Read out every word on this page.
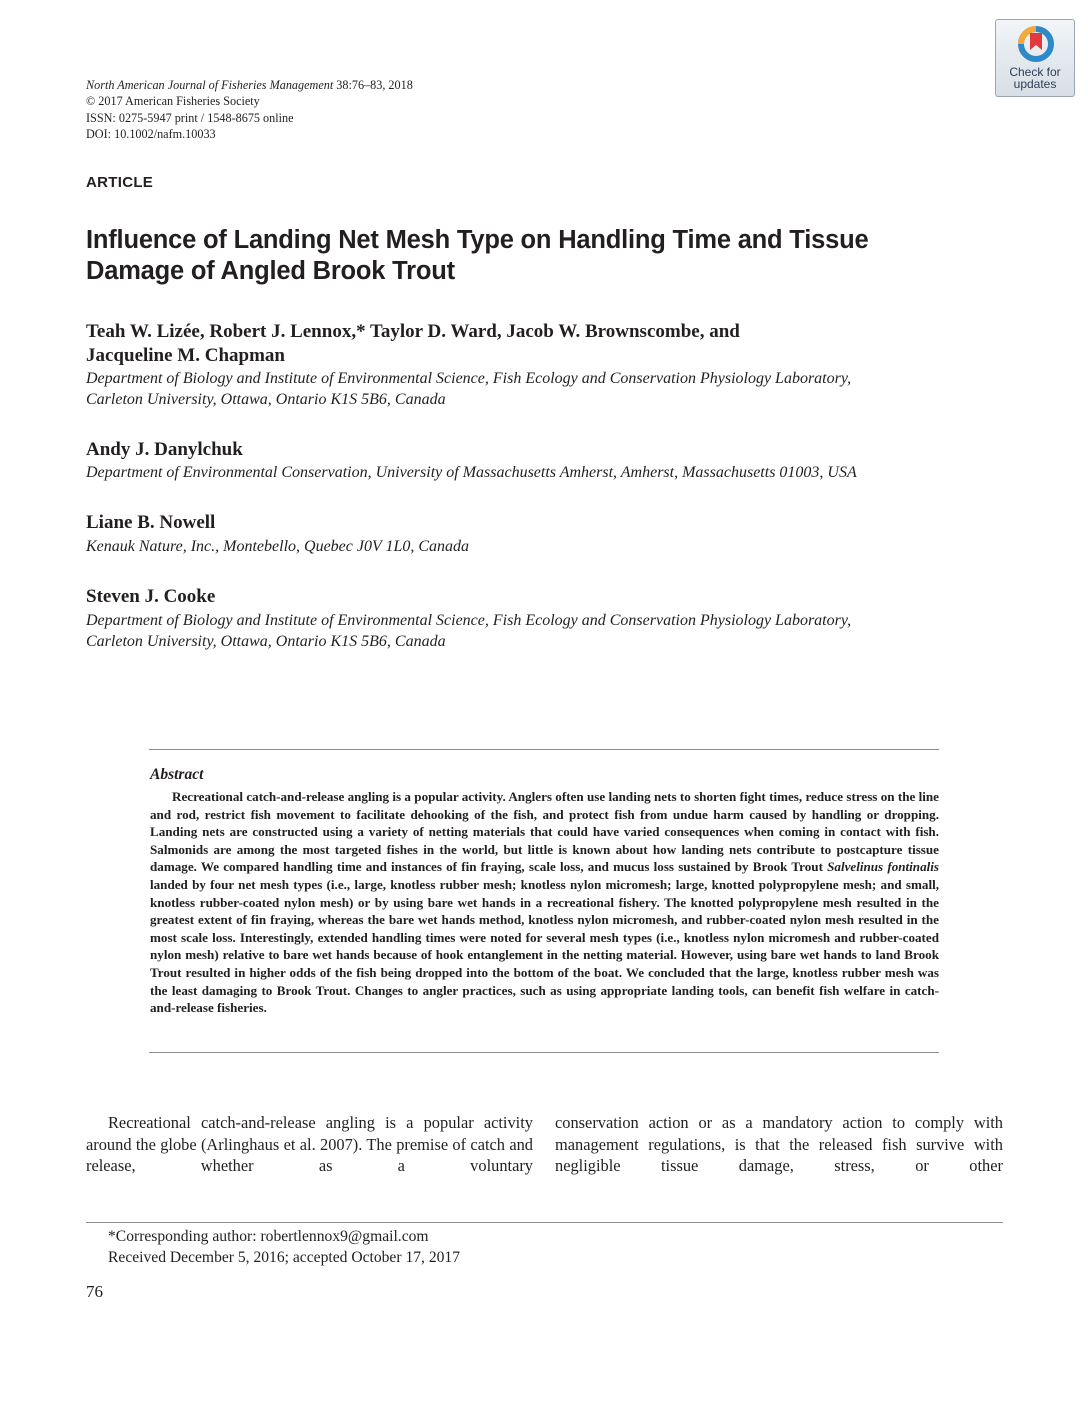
Check for
updates
North American Journal of Fisheries Management 38:76–83, 2018
© 2017 American Fisheries Society
ISSN: 0275-5947 print / 1548-8675 online
DOI: 10.1002/nafm.10033
ARTICLE
Influence of Landing Net Mesh Type on Handling Time and Tissue
Damage of Angled Brook Trout
Teah W. Lizée, Robert J. Lennox,* Taylor D. Ward, Jacob W. Brownscombe, and
Jacqueline M. Chapman
Department of Biology and Institute of Environmental Science, Fish Ecology and Conservation Physiology Laboratory,
Carleton University, Ottawa, Ontario K1S 5B6, Canada
Andy J. Danylchuk
Department of Environmental Conservation, University of Massachusetts Amherst, Amherst, Massachusetts 01003, USA
Liane B. Nowell
Kenauk Nature, Inc., Montebello, Quebec J0V 1L0, Canada
Steven J. Cooke
Department of Biology and Institute of Environmental Science, Fish Ecology and Conservation Physiology Laboratory,
Carleton University, Ottawa, Ontario K1S 5B6, Canada
Abstract
Recreational catch-and-release angling is a popular activity. Anglers often use landing nets to shorten fight times, reduce stress on the line and rod, restrict fish movement to facilitate dehooking of the fish, and protect fish from undue harm caused by handling or dropping. Landing nets are constructed using a variety of netting materials that could have varied consequences when coming in contact with fish. Salmonids are among the most targeted fishes in the world, but little is known about how landing nets contribute to postcapture tissue damage. We compared handling time and instances of fin fraying, scale loss, and mucus loss sustained by Brook Trout Salvelinus fontinalis landed by four net mesh types (i.e., large, knotless rubber mesh; knotless nylon micromesh; large, knotted polypropylene mesh; and small, knotless rubber-coated nylon mesh) or by using bare wet hands in a recreational fishery. The knotted polypropylene mesh resulted in the greatest extent of fin fraying, whereas the bare wet hands method, knotless nylon micromesh, and rubber-coated nylon mesh resulted in the most scale loss. Interestingly, extended handling times were noted for several mesh types (i.e., knotless nylon micromesh and rubber-coated nylon mesh) relative to bare wet hands because of hook entanglement in the netting material. However, using bare wet hands to land Brook Trout resulted in higher odds of the fish being dropped into the bottom of the boat. We concluded that the large, knotless rubber mesh was the least damaging to Brook Trout. Changes to angler practices, such as using appropriate landing tools, can benefit fish welfare in catch-and-release fisheries.
Recreational catch-and-release angling is a popular activity around the globe (Arlinghaus et al. 2007). The premise of catch and release, whether as a voluntary
conservation action or as a mandatory action to comply with management regulations, is that the released fish survive with negligible tissue damage, stress, or other
*Corresponding author: robertlennox9@gmail.com
Received December 5, 2016; accepted October 17, 2017
76
